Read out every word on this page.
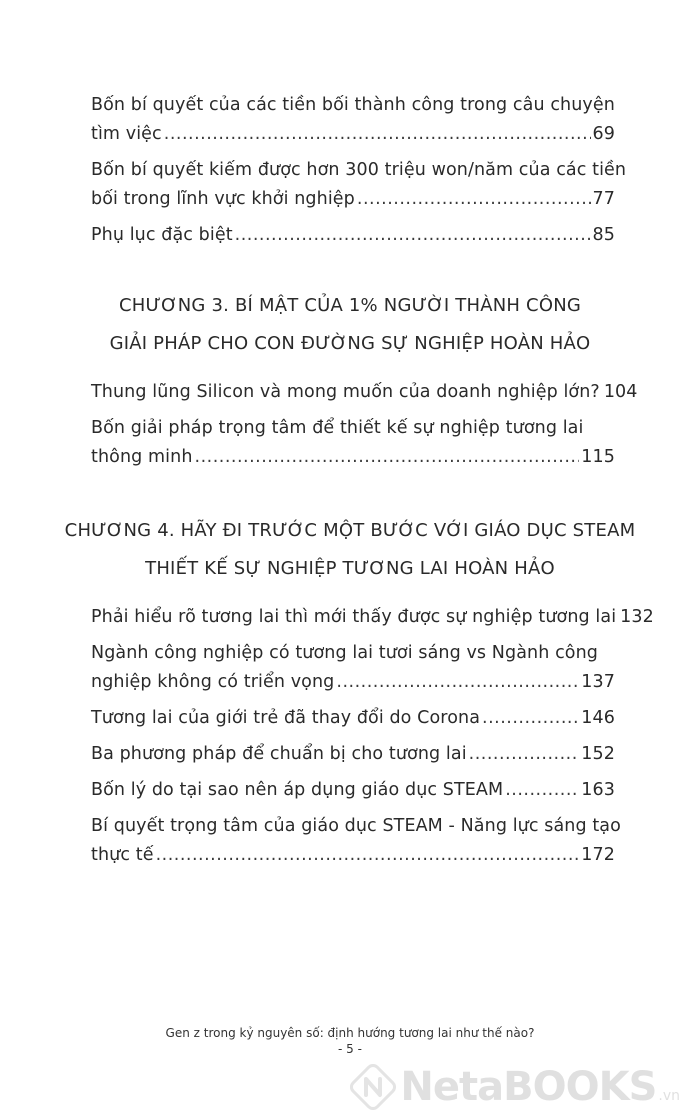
Bốn bí quyết của các tiền bối thành công trong câu chuyện
tìm việc .....	69
Bốn bí quyết kiếm được hơn 300 triệu won/năm của các tiền
bối trong lĩnh vực khởi nghiệp .....	77
Phụ lục đặc biệt .....	85
CHƯƠNG 3. BÍ MẬT CỦA 1% NGƯỜI THÀNH CÔNG
GIẢI PHÁP CHO CON ĐƯỜNG SỰ NGHIỆP HOÀN HẢO
Thung lũng Silicon và mong muốn của doanh nghiệp lớn? 104
Bốn giải pháp trọng tâm để thiết kế sự nghiệp tương lai
thông minh .....	115
CHƯƠNG 4. HÃY ĐI TRƯỚC MỘT BƯỚC VỚI GIÁO DỤC STEAM
THIẾT KẾ SỰ NGHIỆP TƯƠNG LAI HOÀN HẢO
Phải hiểu rõ tương lai thì mới thấy được sự nghiệp tương lai 132
Ngành công nghiệp có tương lai tươi sáng vs Ngành công
nghiệp không có triển vọng .....	137
Tương lai của giới trẻ đã thay đổi do Corona .....	146
Ba phương pháp để chuẩn bị cho tương lai .....	152
Bốn lý do tại sao nên áp dụng giáo dục STEAM .....	163
Bí quyết trọng tâm của giáo dục STEAM - Năng lực sáng tạo
thực tế .....	172
Gen z trong kỷ nguyên số: định hướng tương lai như thế nào?
- 5 -
NetaBOOKS .vn
